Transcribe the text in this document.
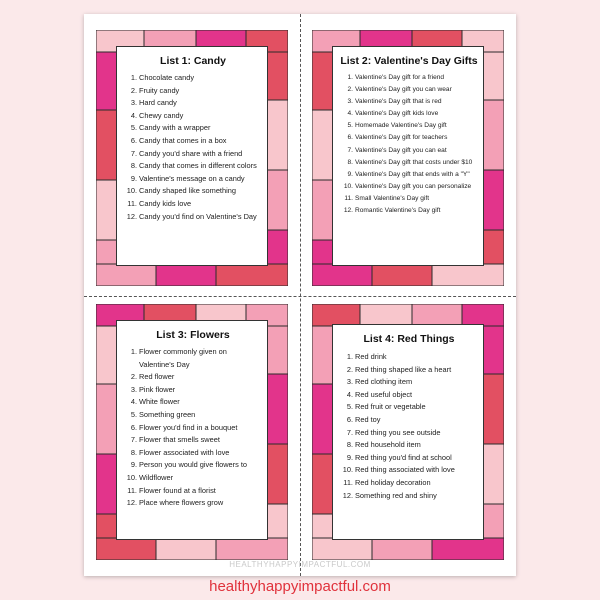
List 1: Candy
1. Chocolate candy
2. Fruity candy
3. Hard candy
4. Chewy candy
5. Candy with a wrapper
6. Candy that comes in a box
7. Candy you'd share with a friend
8. Candy that comes in different colors
9. Valentine's message on a candy
10. Candy shaped like something
11. Candy kids love
12. Candy you'd find on Valentine's Day
List 2: Valentine's Day Gifts
1. Valentine's Day gift for a friend
2. Valentine's Day gift you can wear
3. Valentine's Day gift that is red
4. Valentine's Day gift kids love
5. Homemade Valentine's Day gift
6. Valentine's Day gift for teachers
7. Valentine's Day gift you can eat
8. Valentine's Day gift that costs under $10
9. Valentine's Day gift that ends with a "Y"
10. Valentine's Day gift you can personalize
11. Small Valentine's Day gift
12. Romantic Valentine's Day gift
List 3: Flowers
1. Flower commonly given on Valentine's Day
2. Red flower
3. Pink flower
4. White flower
5. Something green
6. Flower you'd find in a bouquet
7. Flower that smells sweet
8. Flower associated with love
9. Person you would give flowers to
10. Wildflower
11. Flower found at a florist
12. Place where flowers grow
List 4: Red Things
1. Red drink
2. Red thing shaped like a heart
3. Red clothing item
4. Red useful object
5. Red fruit or vegetable
6. Red toy
7. Red thing you see outside
8. Red household item
9. Red thing you'd find at school
10. Red thing associated with love
11. Red holiday decoration
12. Something red and shiny
HEALTHYHAPPYIMPACTFUL.COM
healthyhappyimpactful.com
